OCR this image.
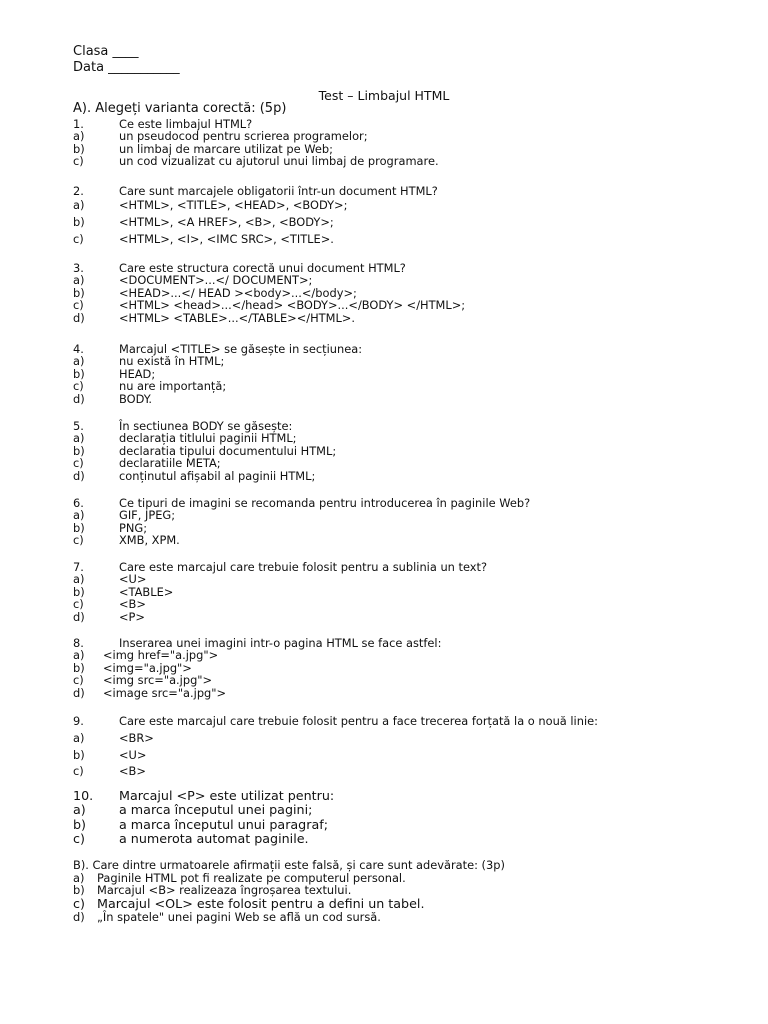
Clasa ____
Data ___________
Test – Limbajul HTML
A). Alegeți varianta corectă: (5p)
1.	Ce este limbajul HTML?
a)	un pseudocod pentru scrierea programelor;
b)	un limbaj de marcare utilizat pe Web;
c)	un cod vizualizat cu ajutorul unui limbaj de programare.
2.	Care sunt marcajele obligatorii într-un document HTML?
a)	<HTML>, <TITLE>, <HEAD>, <BODY>;
b)	<HTML>, <A HREF>, <B>, <BODY>;
c)	<HTML>, <I>, <IMC SRC>, <TITLE>.
3.	Care este structura corectă unui document HTML?
a)	<DOCUMENT>...</ DOCUMENT>;
b)	<HEAD>...</ HEAD ><body>...</body>;
c)	<HTML> <head>...</head> <BODY>...</BODY> </HTML>;
d)	<HTML> <TABLE>...</TABLE></HTML>.
4.	Marcajul <TITLE> se găsește in secțiunea:
a)	nu există în HTML;
b)	HEAD;
c)	nu are importanță;
d)	BODY.
5.	În sectiunea BODY se găsește:
a)	declarația titlului paginii HTML;
b)	declaratia tipului documentului HTML;
c)	declaratiile META;
d)	conținutul afișabil al paginii HTML;
6.	Ce tipuri de imagini se recomanda pentru introducerea în paginile Web?
a)	GIF, JPEG;
b)	PNG;
c)	XMB, XPM.
7.	Care este marcajul care trebuie folosit pentru a sublinia un text?
a)	<U>
b)	<TABLE>
c)	<B>
d)	<P>
8.	Inserarea unei imagini intr-o pagina HTML se face astfel:
a)	<img href="a.jpg">
b)	<img="a.jpg">
c)	<img src="a.jpg">
d)	<image src="a.jpg">
9.	Care este marcajul care trebuie folosit pentru a face trecerea forțată la o nouă linie:
a)	<BR>
b)	<U>
c)	<B>
10.	Marcajul <P> este utilizat pentru:
a)	a marca începutul unei pagini;
b)	a marca începutul unui paragraf;
c)	a numerota automat paginile.
B). Care dintre urmatoarele afirmații este falsă, și care sunt adevărate: (3p)
a)	Paginile HTML pot fi realizate pe computerul personal.
b)	Marcajul <B> realizeaza îngroșarea textului.
c) Marcajul <OL> este folosit pentru a defini un tabel.
d)	„În spatele" unei pagini Web se află un cod sursă.
